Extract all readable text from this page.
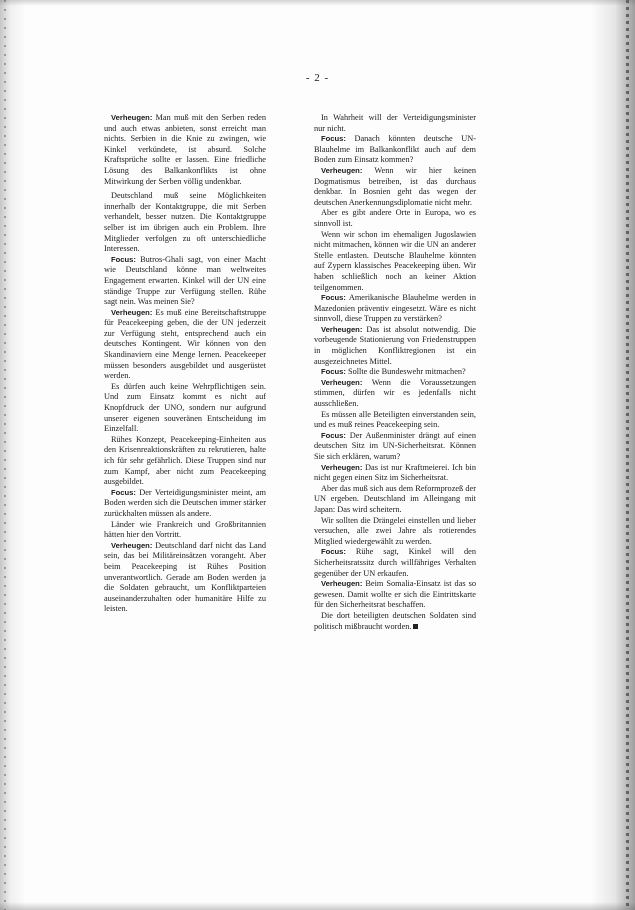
- 2 -

Verheugen: Man muß mit den Serben reden und auch etwas anbieten, sonst erreicht man nichts. Serbien in die Knie zu zwingen, wie Kinkel verkündete, ist absurd. Solche Kraftsprüche sollte er lassen. Eine friedliche Lösung des Balkankonflikts ist ohne Mitwirkung der Serben völlig undenkbar.

Deutschland muß seine Möglichkeiten innerhalb der Kontaktgruppe, die mit Serben verhandelt, besser nutzen. Die Kontaktgruppe selber ist im übrigen auch ein Problem. Ihre Mitglieder verfolgen zu oft unterschiedliche Interessen.

Focus: Butros-Ghali sagt, von einer Macht wie Deutschland könne man weltweites Engagement erwarten. Kinkel will der UN eine ständige Truppe zur Verfügung stellen. Rühe sagt nein. Was meinen Sie?

Verheugen: Es muß eine Bereitschaftstruppe für Peacekeeping geben, die der UN jederzeit zur Verfügung steht, entsprechend auch ein deutsches Kontingent. Wir können von den Skandinaviern eine Menge lernen. Peacekeeper müssen besonders ausgebildet und ausgerüstet werden.

Es dürfen auch keine Wehrpflichtigen sein. Und zum Einsatz kommt es nicht auf Knopfdruck der UNO, sondern nur aufgrund unserer eigenen souveränen Entscheidung im Einzelfall.

Rühes Konzept, Peacekeeping-Einheiten aus den Krisenreaktionskräften zu rekrutieren, halte ich für sehr gefährlich. Diese Truppen sind nur zum Kampf, aber nicht zum Peacekeeping ausgebildet.

Focus: Der Verteidigungsminister meint, am Boden werden sich die Deutschen immer stärker zurückhalten müssen als andere.

Länder wie Frankreich und Großbritannien hätten hier den Vortritt.

Verheugen: Deutschland darf nicht das Land sein, das bei Militäreinsätzen vorangeht. Aber beim Peacekeeping ist Rühes Position unverantwortlich. Gerade am Boden werden ja die Soldaten gebraucht, um Konfliktparteien auseinanderzuhalten oder humanitäre Hilfe zu leisten.

In Wahrheit will der Verteidigungsminister nur nicht.

Focus: Danach könnten deutsche UN-Blauhelme im Balkankonflikt auch auf dem Boden zum Einsatz kommen?

Verheugen: Wenn wir hier keinen Dogmatismus betreiben, ist das durchaus denkbar. In Bosnien geht das wegen der deutschen Anerkennungsdiplomatie nicht mehr.

Aber es gibt andere Orte in Europa, wo es sinnvoll ist.

Wenn wir schon im ehemaligen Jugoslawien nicht mitmachen, können wir die UN an anderer Stelle entlasten. Deutsche Blauhelme könnten auf Zypern klassisches Peacekeeping üben. Wir haben schließlich noch an keiner Aktion teilgenommen.

Focus: Amerikanische Blauhelme werden in Mazedonien präventiv eingesetzt. Wäre es nicht sinnvoll, diese Truppen zu verstärken?

Verheugen: Das ist absolut notwendig. Die vorbeugende Stationierung von Friedenstruppen in möglichen Konfliktregionen ist ein ausgezeichnetes Mittel.

Focus: Sollte die Bundeswehr mitmachen?

Verheugen: Wenn die Voraussetzungen stimmen, dürfen wir es jedenfalls nicht ausschließen.

Es müssen alle Beteiligten einverstanden sein, und es muß reines Peacekeeping sein.

Focus: Der Außenminister drängt auf einen deutschen Sitz im UN-Sicherheitsrat. Können Sie sich erklären, warum?

Verheugen: Das ist nur Kraftmeierei. Ich bin nicht gegen einen Sitz im Sicherheitsrat.

Aber das muß sich aus dem Reformprozeß der UN ergeben. Deutschland im Alleingang mit Japan: Das wird scheitern.

Wir sollten die Drängelei einstellen und lieber versuchen, alle zwei Jahre als rotierendes Mitglied wiedergewählt zu werden.

Focus: Rühe sagt, Kinkel will den Sicherheitsratssitz durch willfähriges Verhalten gegenüber der UN erkaufen.

Verheugen: Beim Somalia-Einsatz ist das so gewesen. Damit wollte er sich die Eintrittskarte für den Sicherheitsrat beschaffen.

Die dort beteiligten deutschen Soldaten sind politisch mißbraucht worden.
